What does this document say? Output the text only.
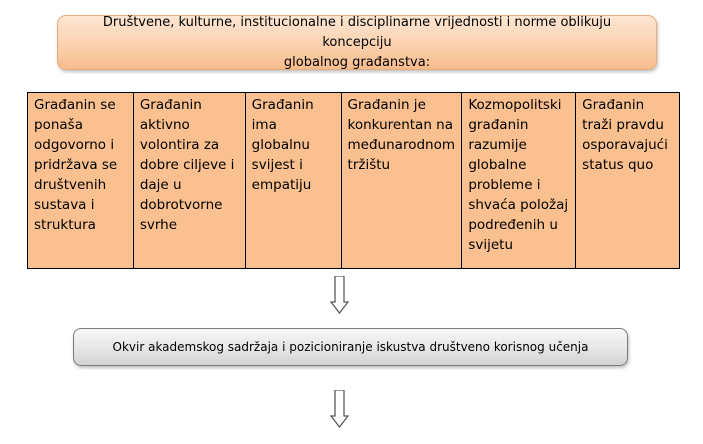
Društvene, kulturne, institucionalne i disciplinarne vrijednosti i norme oblikuju koncepciju
globalnog građanstva:
Građanin se ponaša odgovorno i pridržava se društvenih sustava i struktura
Građanin aktivno volontira za dobre ciljeve i daje u dobrotvorne svrhe
Građanin ima globalnu svijest i empatiju
Građanin je konkurentan na međunarodnom tržištu
Kozmopolitski građanin razumije globalne probleme i shvaća položaj podređenih u svijetu
Građanin traži pravdu osporavajući status quo
Okvir akademskog sadržaja i pozicioniranje iskustva društveno korisnog učenja
